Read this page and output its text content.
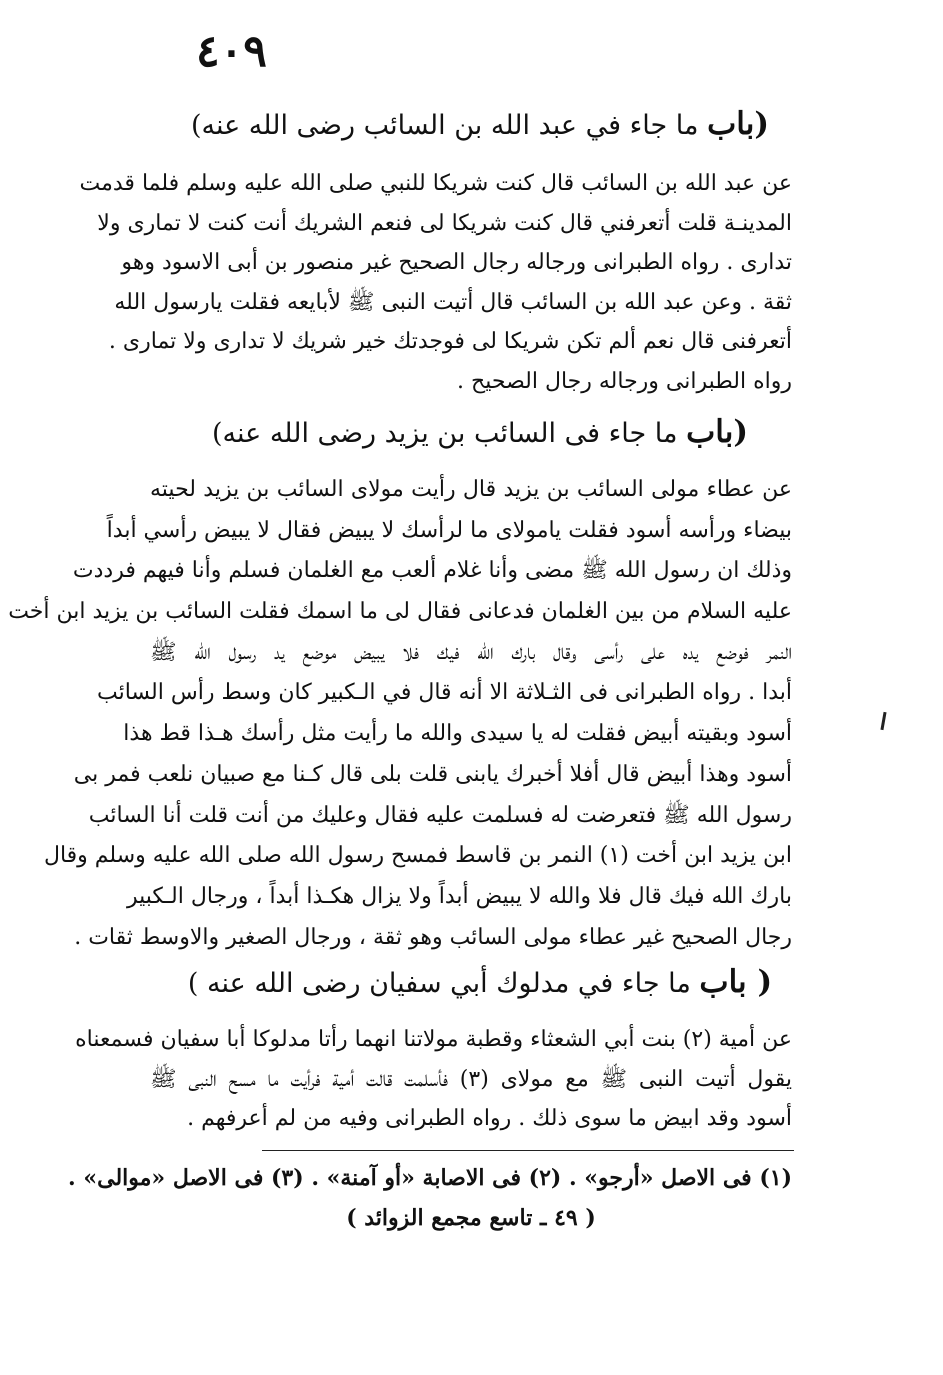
٤٠٩
(باب ما جاء في عبد الله بن السائب رضى الله عنه)
عن عبد الله بن السائب قال كنت شريكا للنبي صلى الله عليه وسلم فلما قدمت
المدينـة قلت أتعرفني قال كنت شريكا لى فنعم الشريك أنت كنت لا تمارى ولا
تدارى . رواه الطبرانى ورجاله رجال الصحيح غير منصور بن أبى الاسود وهو
ثقة . وعن عبد الله بن السائب قال أتيت النبى ﷺ لأبايعه فقلت يارسول الله
أتعرفنى قال نعم ألم تكن شريكا لى فوجدتك خير شريك لا تدارى ولا تمارى .
رواه الطبرانى ورجاله رجال الصحيح .
(باب ما جاء فى السائب بن يزيد رضى الله عنه)
عن عطاء مولى السائب بن يزيد قال رأيت مولاى السائب بن يزيد لحيته
بيضاء ورأسه أسود فقلت يامولاى ما لرأسك لا يبيض فقال لا يبيض رأسي أبداً
وذلك ان رسول الله ﷺ مضى وأنا غلام ألعب مع الغلمان فسلم وأنا فيهم فرددت
عليه السلام من بين الغلمان فدعانى فقال لى ما اسمك فقلت السائب بن يزيد ابن أخت
النمر فوضع يده على رأسى وقال بارك الله فيك فلا يبيض موضع يد رسول الله ﷺ
أبدا . رواه الطبرانى فى الثـلاثة الا أنه قال في الـكبير كان وسط رأس السائب
أسود وبقيته أبيض فقلت له يا سيدى والله ما رأيت مثل رأسك هـذا قط هذا
أسود وهذا أبيض قال أفلا أخبرك يابنى قلت بلى قال كـنا مع صبيان نلعب فمر بى
رسول الله ﷺ فتعرضت له فسلمت عليه فقال وعليك من أنت قلت أنا السائب
ابن يزيد ابن أخت (١) النمر بن قاسط فمسح رسول الله صلى الله عليه وسلم وقال
بارك الله فيك قال فلا والله لا يبيض أبداً ولا يزال هكـذا أبداً ، ورجال الـكبير
رجال الصحيح غير عطاء مولى السائب وهو ثقة ، ورجال الصغير والاوسط ثقات .
( باب ما جاء في مدلوك أبي سفيان رضى الله عنه )
عن أمية (٢) بنت أبي الشعثاء وقطبة مولاتنا انهما رأتا مدلوكا أبا سفيان فسمعناه
يقول أتيت النبى ﷺ مع مولاى (٣) فأسلمت قالت أمية فرأيت ما مسح النبى ﷺ
أسود وقد ابيض ما سوى ذلك . رواه الطبرانى وفيه من لم أعرفهم .
(١) فى الاصل «أرجو» . (٢) فى الاصابة «أو آمنة» . (٣) فى الاصل «موالى» .
( ٤٩ ـ تاسع مجمع الزوائد )
